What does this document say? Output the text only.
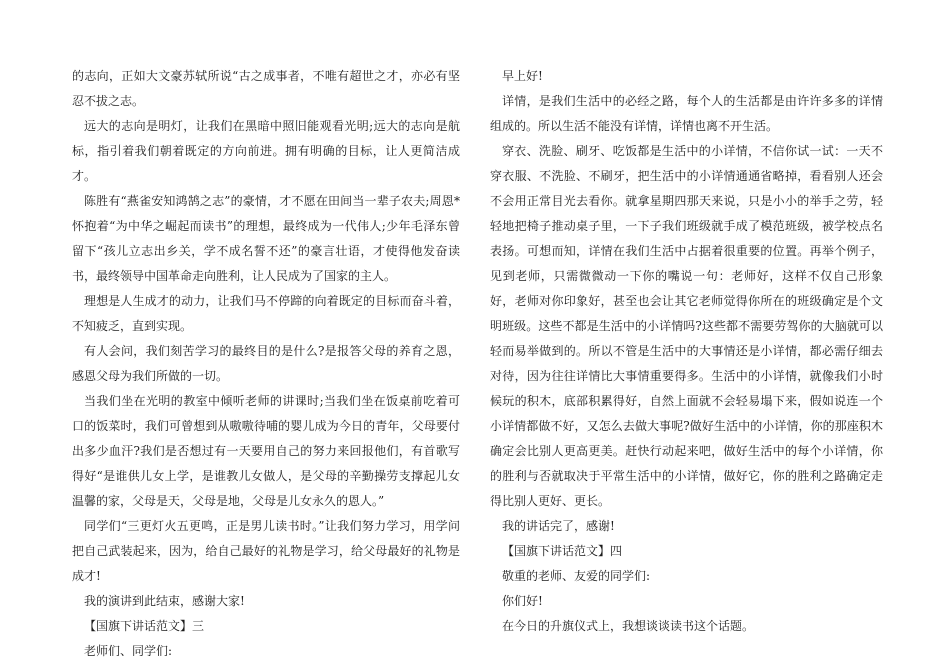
的志向，正如大文豪苏轼所说“古之成事者，不唯有超世之才，亦必有坚忍不拔之志。

远大的志向是明灯，让我们在黑暗中照旧能观看光明;远大的志向是航标，指引着我们朝着既定的方向前进。拥有明确的目标，让人更简洁成才。

陈胜有“燕雀安知鸿鹄之志”的豪情，才不愿在田间当一辈子农夫;周恩*怀抱着“为中华之崛起而读书”的理想，最终成为一代伟人;少年毛泽东曾留下“孩儿立志出乡关，学不成名誓不还”的豪言壮语，才使得他发奋读书，最终领导中国革命走向胜利，让人民成为了国家的主人。

理想是人生成才的动力，让我们马不停蹄的向着既定的目标而奋斗着，不知疲乏，直到实现。

有人会问，我们刻苦学习的最终目的是什么?是报答父母的养育之恩，感恩父母为我们所做的一切。

当我们坐在光明的教室中倾听老师的讲课时;当我们坐在饭桌前吃着可口的饭菜时，我们可曾想到从嗷嗷待哺的婴儿成为今日的青年，父母要付出多少血汗?我们是否想过有一天要用自己的努力来回报他们，有首歌写得好“是谁供儿女上学，是谁教儿女做人，是父母的辛勤操劳支撑起儿女温馨的家，父母是天，父母是地，父母是儿女永久的恩人。”

同学们“三更灯火五更鸣，正是男儿读书时。”让我们努力学习，用学问把自己武装起来，因为，给自己最好的礼物是学习，给父母最好的礼物是成才!

我的演讲到此结束，感谢大家!

【国旗下讲话范文】三

老师们、同学们:

早上好!

详情，是我们生活中的必经之路，每个人的生活都是由许许多多的详情组成的。所以生活不能没有详情，详情也离不开生活。

穿衣、洗脸、刷牙、吃饭都是生活中的小详情，不信你试一试：一天不穿衣服、不洗脸、不刷牙，把生活中的小详情通通省略掉，看看别人还会不会用正常目光去看你。就拿星期四那天来说，只是小小的举手之劳，轻轻地把椅子推动桌子里，一下子我们班级就手成了模范班级，被学校点名表扬。可想而知，详情在我们生活中占据着很重要的位置。再举个例子，见到老师，只需微微动一下你的嘴说一句：老师好，这样不仅自己形象好，老师对你印象好，甚至也会让其它老师觉得你所在的班级确定是个文明班级。这些不都是生活中的小详情吗?这些都不需要劳驾你的大脑就可以轻而易举做到的。所以不管是生活中的大事情还是小详情，都必需仔细去对待，因为往往详情比大事情重要得多。生活中的小详情，就像我们小时候玩的积木，底部积累得好，自然上面就不会轻易塌下来，假如说连一个小详情都做不好，又怎么去做大事呢?做好生活中的小详情，你的那座积木确定会比别人更高更美。赶快行动起来吧，做好生活中的每个小详情，你的胜利与否就取决于平常生活中的小详情，做好它，你的胜利之路确定走得比别人更好、更长。

我的讲话完了，感谢!

【国旗下讲话范文】四

敬重的老师、友爱的同学们:

你们好!

在今日的升旗仪式上，我想谈谈读书这个话题。
